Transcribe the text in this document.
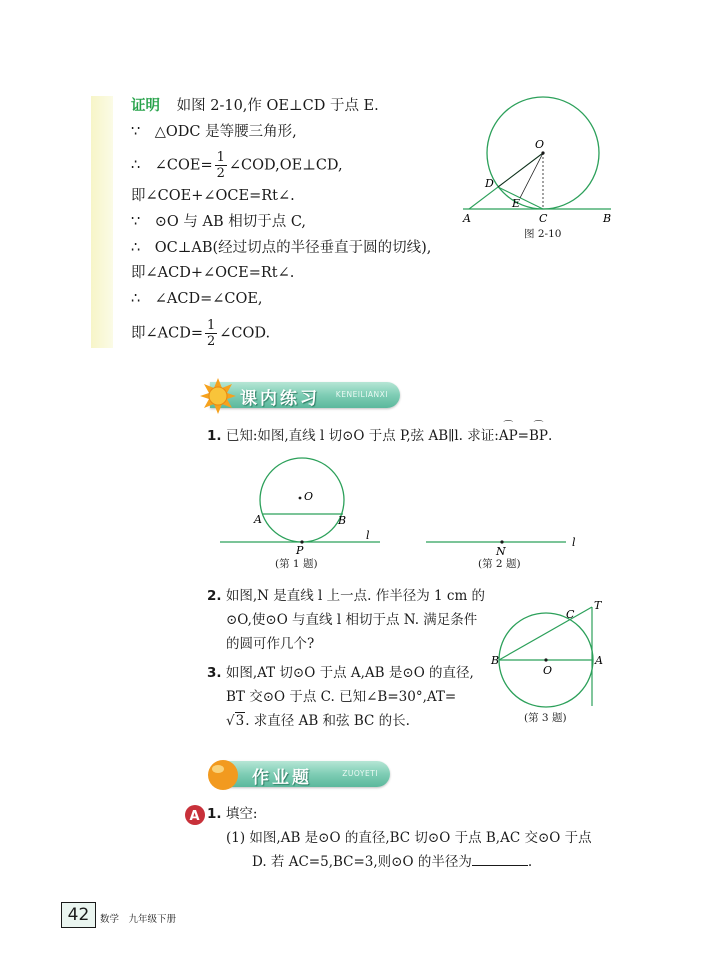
证明 如图 2-10,作 OE⊥CD 于点 E.
∵　△ODC 是等腰三角形,
∴　∠COE= $\frac{1}{2}$ ∠COD,OE⊥CD,
即∠COE+∠OCE=Rt∠.
∵　⊙O 与 AB 相切于点 C,
∴　OC⊥AB(经过切点的半径垂直于圆的切线),
即∠ACD+∠OCE=Rt∠.
∴　∠ACD=∠COE,
即∠ACD= $\frac{1}{2}$ ∠COD.
O
D
E
A	C	B
图 2-10
课内练习 KENEILIANXI
1. 已知:如图,直线 l 切⊙O 于点 P,弦 AB∥l. 求证:⌒ AP=⌒ BP.
O
A	B
P
l
(第 1 题)
N
l
(第 2 题)
2. 如图,N 是直线 l 上一点. 作半径为 1 cm 的
⊙O,使⊙O 与直线 l 相切于点 N. 满足条件
的圆可作几个?
3. 如图,AT 切⊙O 于点 A,AB 是⊙O 的直径,
BT 交⊙O 于点 C. 已知∠B=30°,AT=
√3. 求直径 AB 和弦 BC 的长.
C
T
B	A
O
(第 3 题)
作业题	ZUOYETI
A 1. 填空:
(1) 如图,AB 是⊙O 的直径,BC 切⊙O 于点 B,AC 交⊙O 于点
D. 若 AC=5,BC=3,则⊙O 的半径为	.
42	数学　九年级下册
